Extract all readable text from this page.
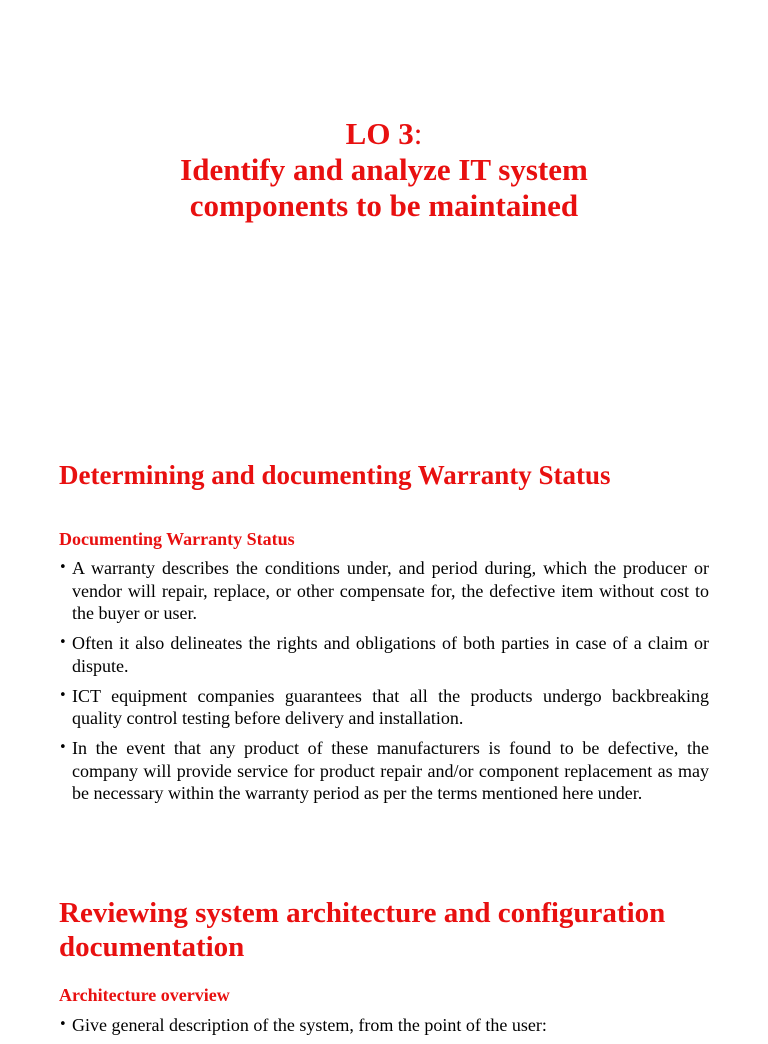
LO 3:
Identify and analyze IT system
components to be maintained
Determining and documenting Warranty Status
Documenting Warranty Status
• A warranty describes the conditions under, and period during, which the producer or vendor will repair, replace, or other compensate for, the defective item without cost to the buyer or user.
• Often it also delineates the rights and obligations of both parties in case of a claim or dispute.
• ICT equipment companies guarantees that all the products undergo backbreaking quality control testing before delivery and installation.
• In the event that any product of these manufacturers is found to be defective, the company will provide service for product repair and/or component replacement as may be necessary within the warranty period as per the terms mentioned here under.
Reviewing system architecture and configuration documentation
Architecture overview
• Give general description of the system, from the point of the user:
